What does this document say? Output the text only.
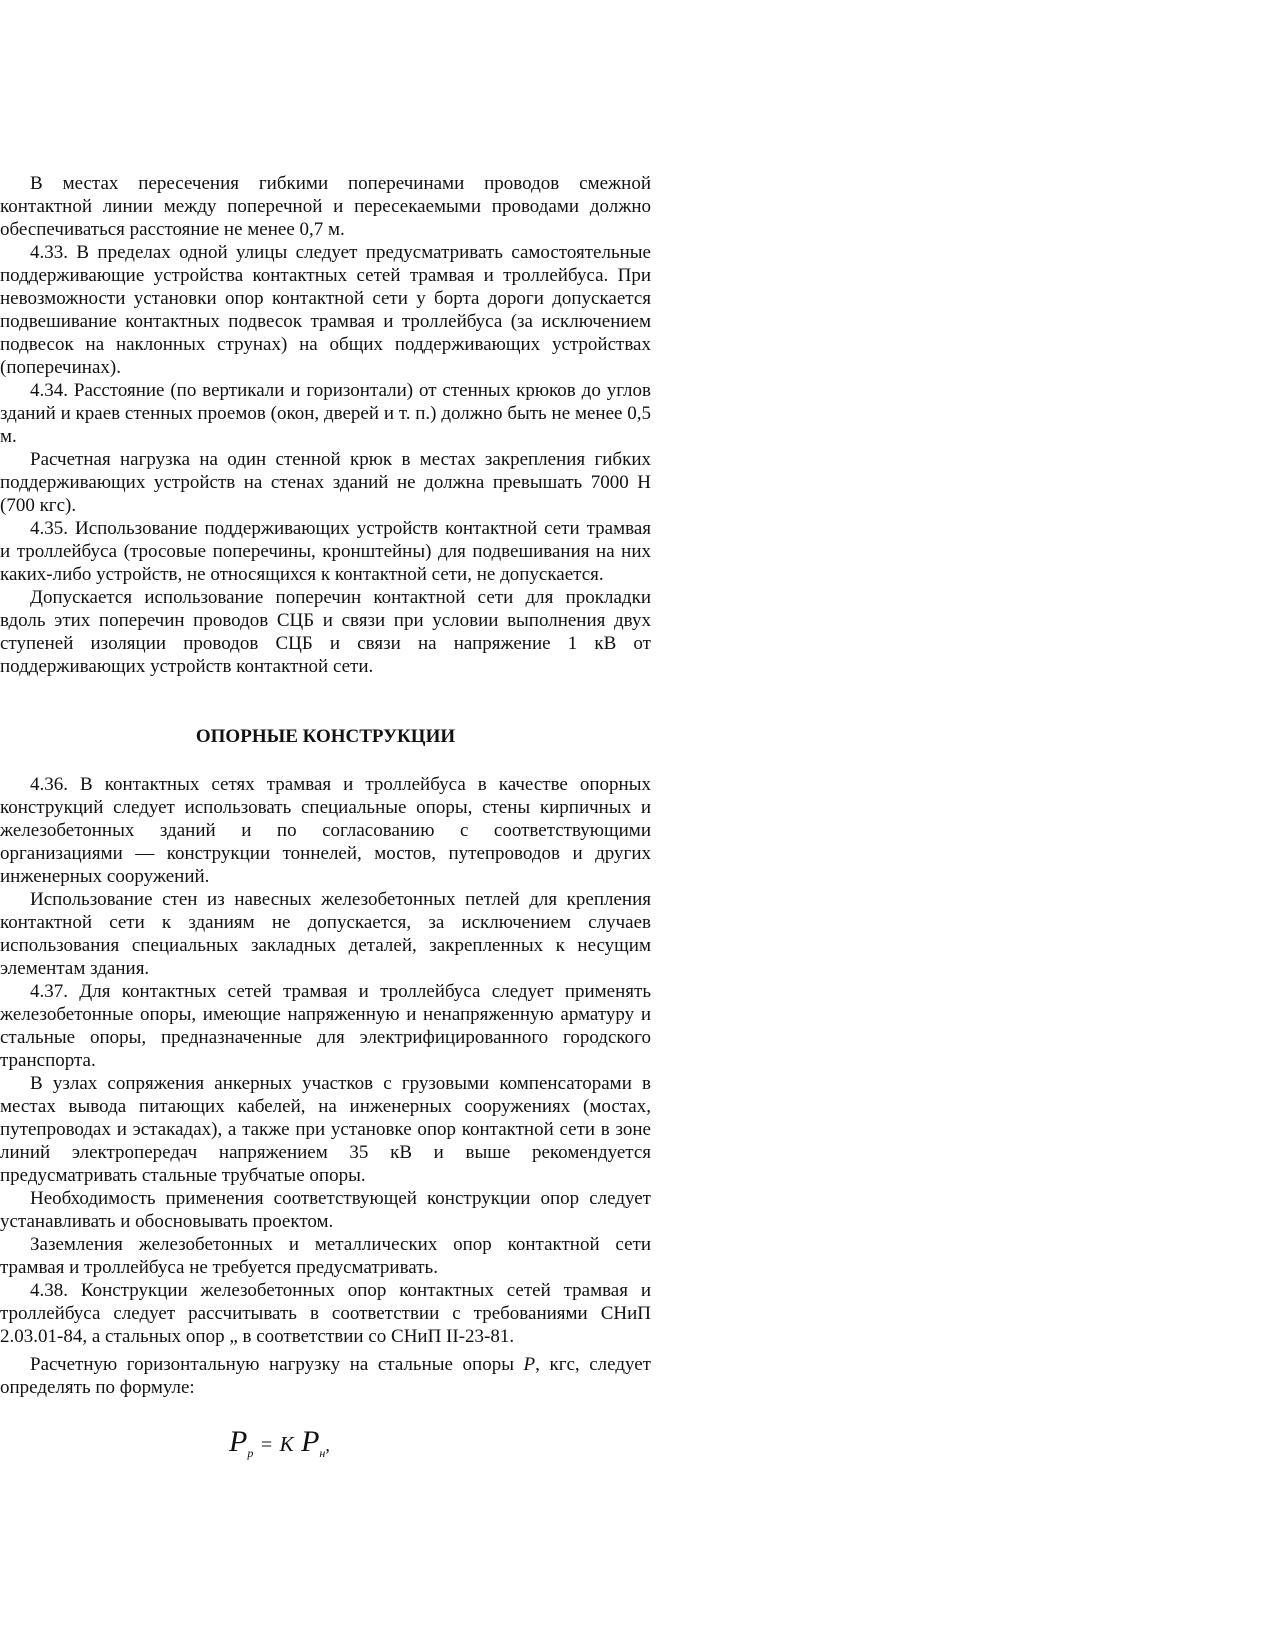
В местах пересечения гибкими поперечинами проводов смежной контактной линии между поперечной и пересекаемыми проводами должно обеспечиваться расстояние не менее 0,7 м.

4.33. В пределах одной улицы следует предусматривать самостоятельные поддерживающие устройства контактных сетей трамвая и троллейбуса. При невозможности установки опор контактной сети у борта дороги допускается подвешивание контактных подвесок трамвая и троллейбуса (за исключением подвесок на наклонных струнах) на общих поддерживающих устройствах (поперечинах).

4.34. Расстояние (по вертикали и горизонтали) от стенных крюков до углов зданий и краев стенных проемов (окон, дверей и т. п.) должно быть не менее 0,5 м.

Расчетная нагрузка на один стенной крюк в местах закрепления гибких поддерживающих устройств на стенах зданий не должна превышать 7000 Н (700 кгс).

4.35. Использование поддерживающих устройств контактной сети трамвая и троллейбуса (тросовые поперечины, кронштейны) для подвешивания на них каких-либо устройств, не относящихся к контактной сети, не допускается.

Допускается использование поперечин контактной сети для прокладки вдоль этих поперечин проводов СЦБ и связи при условии выполнения двух ступеней изоляции проводов СЦБ и связи на напряжение 1 кВ от поддерживающих устройств контактной сети.

ОПОРНЫЕ КОНСТРУКЦИИ

4.36. В контактных сетях трамвая и троллейбуса в качестве опорных конструкций следует использовать специальные опоры, стены кирпичных и железобетонных зданий и по согласованию с соответствующими организациями — конструкции тоннелей, мостов, путепроводов и других инженерных сооружений.

Использование стен из навесных железобетонных петлей для крепления контактной сети к зданиям не допускается, за исключением случаев использования специальных закладных деталей, закрепленных к несущим элементам здания.

4.37. Для контактных сетей трамвая и троллейбуса следует применять железобетонные опоры, имеющие напряженную и ненапряженную арматуру и стальные опоры, предназначенные для электрифицированного городского транспорта.

В узлах сопряжения анкерных участков с грузовыми компенсаторами в местах вывода питающих кабелей, на инженерных сооружениях (мостах, путепроводах и эстакадах), а также при установке опор контактной сети в зоне линий электропередач напряжением 35 кВ и выше рекомендуется предусматривать стальные трубчатые опоры.

Необходимость применения соответствующей конструкции опор следует устанавливать и обосновывать проектом.

Заземления железобетонных и металлических опор контактной сети трамвая и троллейбуса не требуется предусматривать.

4.38. Конструкции железобетонных опор контактных сетей трамвая и троллейбуса следует рассчитывать в соответствии с требованиями СНиП 2.03.01-84, а стальных опор „ в соответствии со СНиП II-23-81.

Расчетную горизонтальную нагрузку на стальные опоры P, кгс, следует определять по формуле:

$P_р = К$ $P_н$,
